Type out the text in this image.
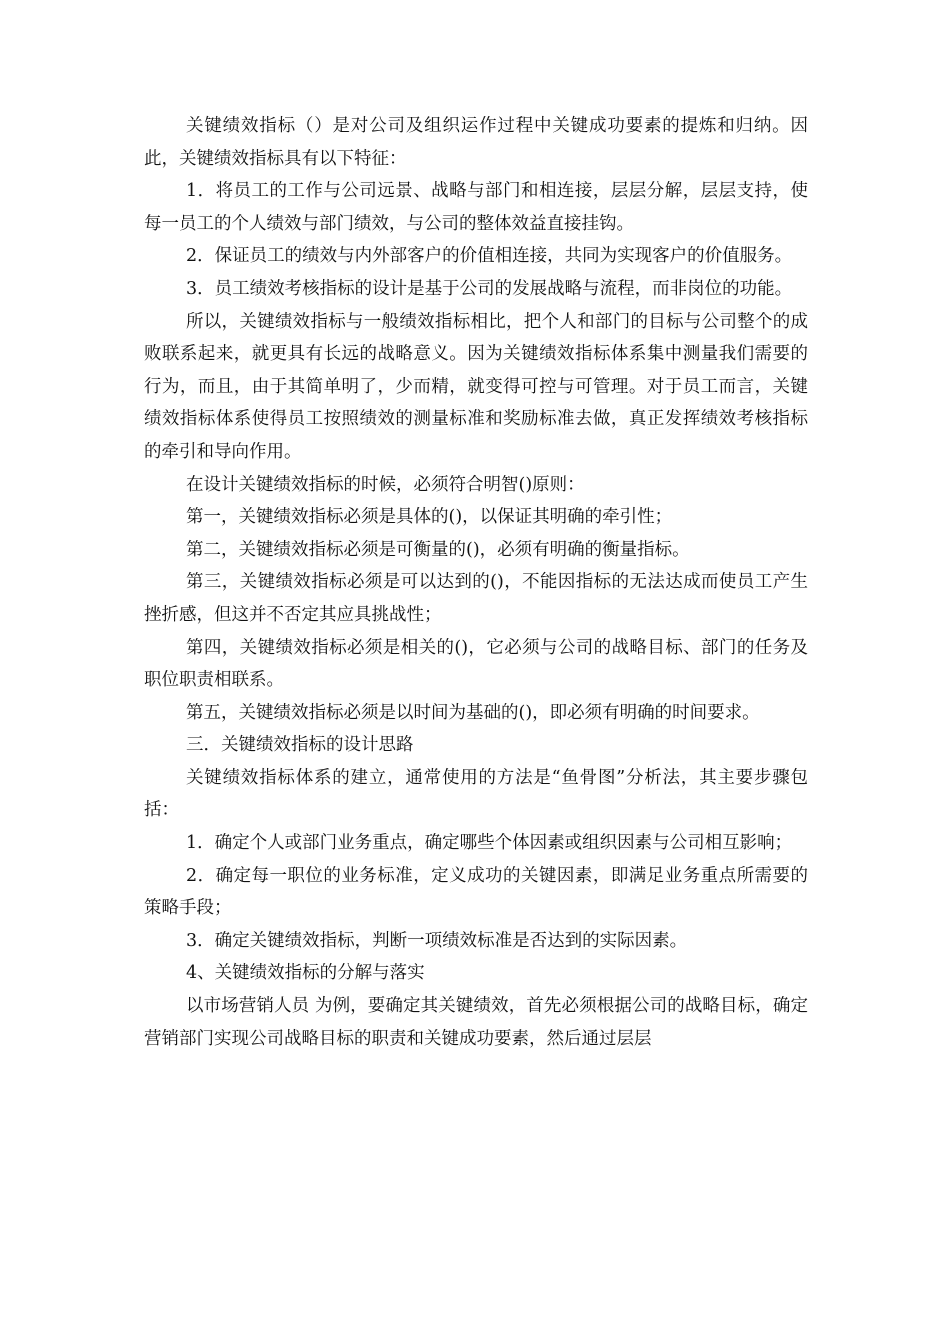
关键绩效指标（）是对公司及组织运作过程中关键成功要素的提炼和归纳。因此，关键绩效指标具有以下特征：

1．将员工的工作与公司远景、战略与部门和相连接，层层分解，层层支持，使每一员工的个人绩效与部门绩效，与公司的整体效益直接挂钩。

2．保证员工的绩效与内外部客户的价值相连接，共同为实现客户的价值服务。

3．员工绩效考核指标的设计是基于公司的发展战略与流程，而非岗位的功能。

所以，关键绩效指标与一般绩效指标相比，把个人和部门的目标与公司整个的成败联系起来，就更具有长远的战略意义。因为关键绩效指标体系集中测量我们需要的行为，而且，由于其简单明了，少而精，就变得可控与可管理。对于员工而言，关键绩效指标体系使得员工按照绩效的测量标准和奖励标准去做，真正发挥绩效考核指标的牵引和导向作用。

在设计关键绩效指标的时候，必须符合明智()原则：

第一，关键绩效指标必须是具体的()，以保证其明确的牵引性；

第二，关键绩效指标必须是可衡量的()，必须有明确的衡量指标。

第三，关键绩效指标必须是可以达到的()，不能因指标的无法达成而使员工产生挫折感，但这并不否定其应具挑战性；

第四，关键绩效指标必须是相关的()，它必须与公司的战略目标、部门的任务及职位职责相联系。

第五，关键绩效指标必须是以时间为基础的()，即必须有明确的时间要求。

三．关键绩效指标的设计思路

关键绩效指标体系的建立，通常使用的方法是“鱼骨图”分析法，其主要步骤包括：

1．确定个人或部门业务重点，确定哪些个体因素或组织因素与公司相互影响；

2．确定每一职位的业务标准，定义成功的关键因素，即满足业务重点所需要的策略手段；

3．确定关键绩效指标，判断一项绩效标准是否达到的实际因素。

4、关键绩效指标的分解与落实

以市场营销人员 为例，要确定其关键绩效，首先必须根据公司的战略目标，确定营销部门实现公司战略目标的职责和关键成功要素，然后通过层层
